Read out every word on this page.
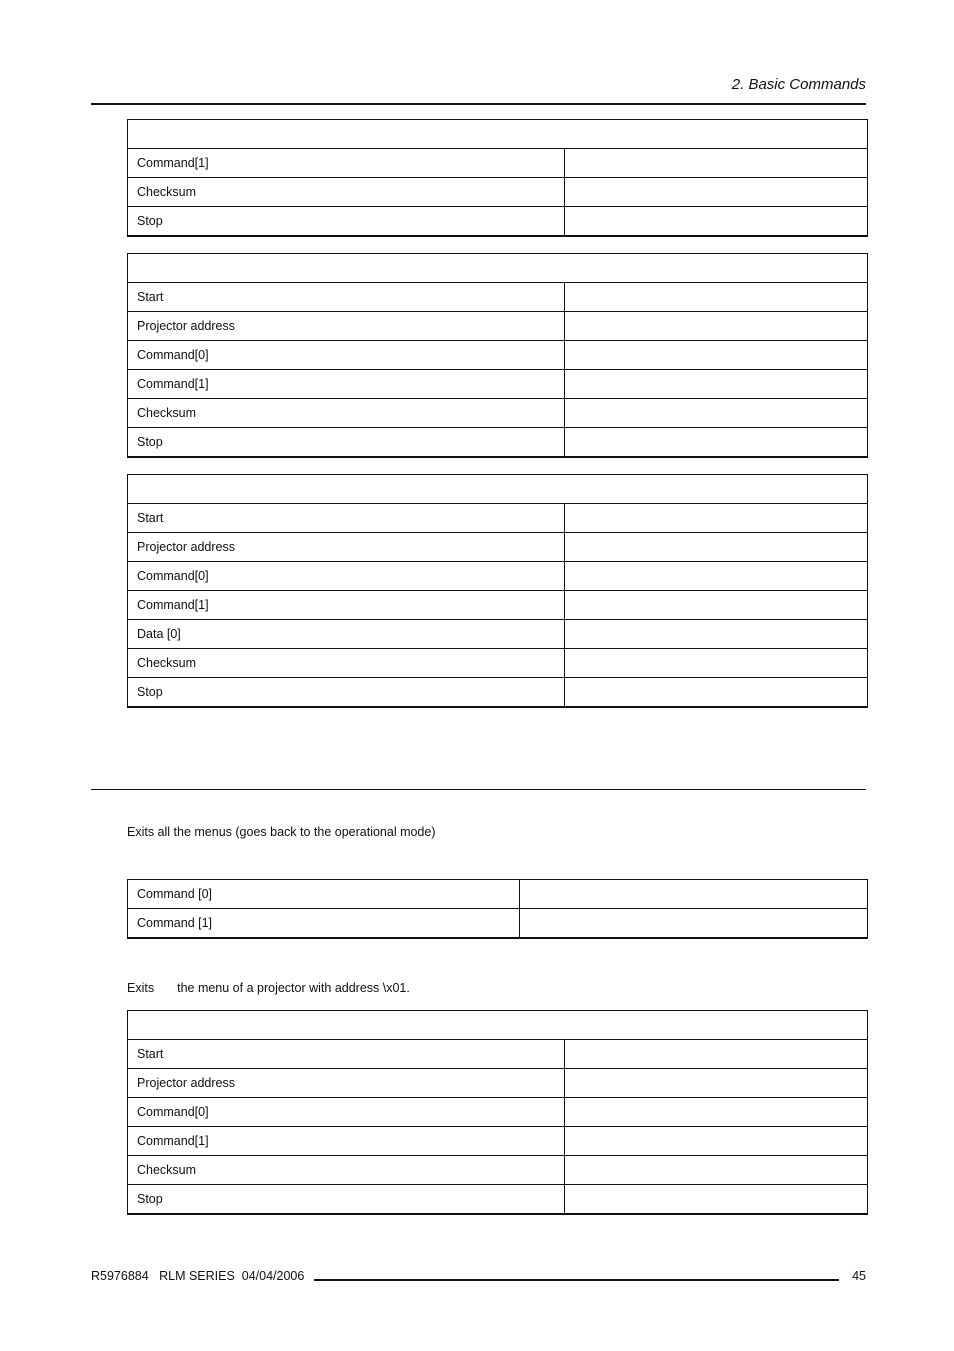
2. Basic Commands

Command[1]	
Checksum	
Stop	

Start	
Projector address	
Command[0]	
Command[1]	
Checksum	
Stop	

Start	
Projector address	
Command[0]	
Command[1]	
Data [0]	
Checksum	
Stop	
Exits all the menus (goes back to the operational mode)
Command [0]	
Command [1]	
Exits the menu of a projector with address \x01.

Start	
Projector address	
Command[0]	
Command[1]	
Checksum	
Stop	
R5976884   RLM SERIES  04/04/2006	45
